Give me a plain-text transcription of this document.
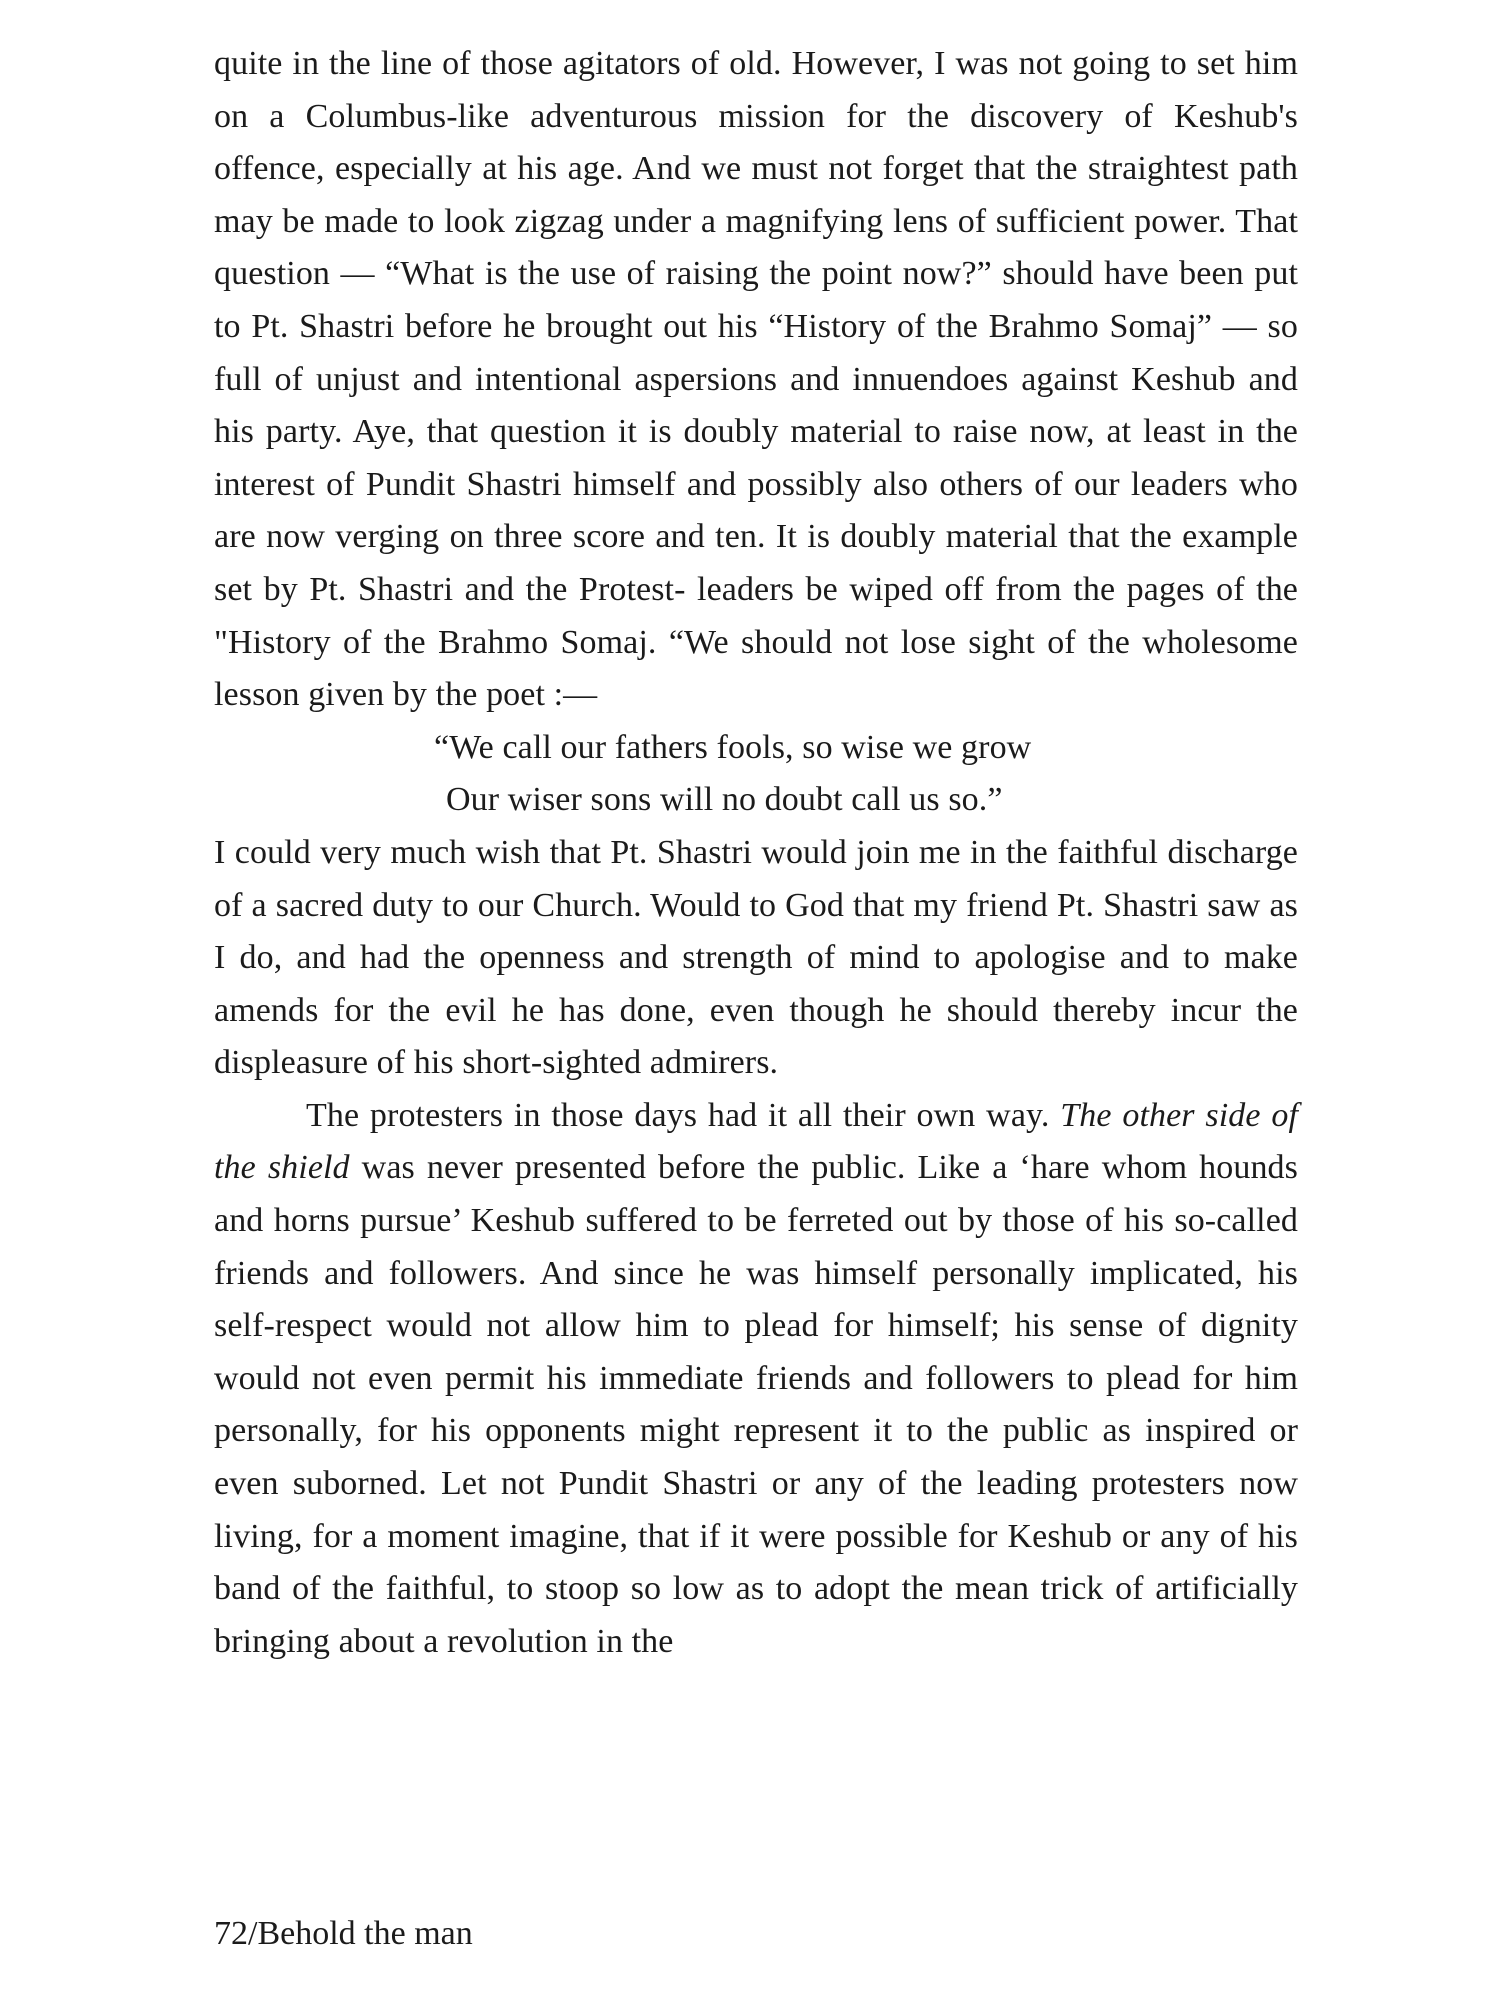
quite in the line of those agitators of old. However, I was not going to set him on a Columbus-like adventurous mission for the discovery of Keshub's offence, especially at his age. And we must not forget that the straightest path may be made to look zigzag under a magnifying lens of sufficient power. That question — “What is the use of raising the point now?” should have been put to Pt. Shastri before he brought out his “History of the Brahmo Somaj” — so full of unjust and intentional aspersions and innuendoes against Keshub and his party. Aye, that question it is doubly material to raise now, at least in the interest of Pundit Shastri himself and possibly also others of our leaders who are now verging on three score and ten. It is doubly material that the example set by Pt. Shastri and the Protest- leaders be wiped off from the pages of the "History of the Brahmo Somaj. “We should not lose sight of the wholesome lesson given by the poet :—

“We call our fathers fools, so wise we grow
Our wiser sons will no doubt call us so.”

I could very much wish that Pt. Shastri would join me in the faithful discharge of a sacred duty to our Church. Would to God that my friend Pt. Shastri saw as I do, and had the openness and strength of mind to apologise and to make amends for the evil he has done, even though he should thereby incur the displeasure of his short-sighted admirers.

The protesters in those days had it all their own way. The other side of the shield was never presented before the public. Like a ‘hare whom hounds and horns pursue’ Keshub suffered to be ferreted out by those of his so-called friends and followers. And since he was himself personally implicated, his self-respect would not allow him to plead for himself; his sense of dignity would not even permit his immediate friends and followers to plead for him personally, for his opponents might represent it to the public as inspired or even suborned. Let not Pundit Shastri or any of the leading protesters now living, for a moment imagine, that if it were possible for Keshub or any of his band of the faithful, to stoop so low as to adopt the mean trick of artificially bringing about a revolution in the

72/Behold the man
